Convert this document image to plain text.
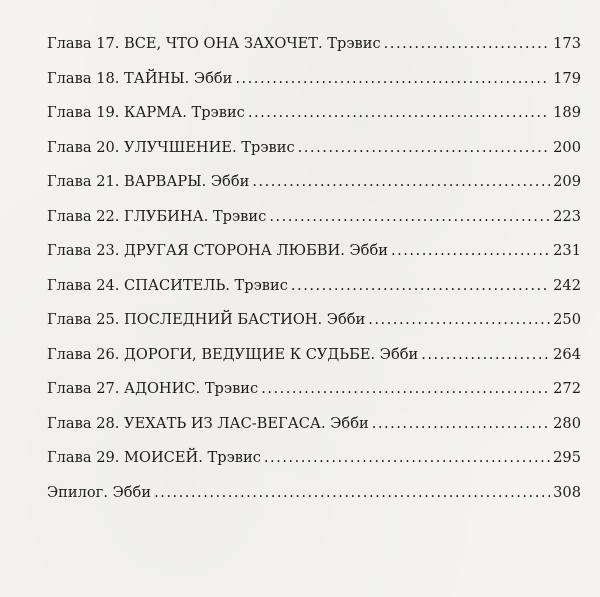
Глава 17. ВСЕ, ЧТО ОНА ЗАХОЧЕТ. Трэвис .....	173
Глава 18. ТАЙНЫ. Эбби .....	179
Глава 19. КАРМА. Трэвис .....	189
Глава 20. УЛУЧШЕНИЕ. Трэвис .....	200
Глава 21. ВАРВАРЫ. Эбби .....	209
Глава 22. ГЛУБИНА. Трэвис .....	223
Глава 23. ДРУГАЯ СТОРОНА ЛЮБВИ. Эбби .....	231
Глава 24. СПАСИТЕЛЬ. Трэвис .....	242
Глава 25. ПОСЛЕДНИЙ БАСТИОН. Эбби .....	250
Глава 26. ДОРОГИ, ВЕДУЩИЕ К СУДЬБЕ. Эбби .....	264
Глава 27. АДОНИС. Трэвис .....	272
Глава 28. УЕХАТЬ ИЗ ЛАС-ВЕГАСА. Эбби .....	280
Глава 29. МОИСЕЙ. Трэвис .....	295
Эпилог. Эбби .....	308
